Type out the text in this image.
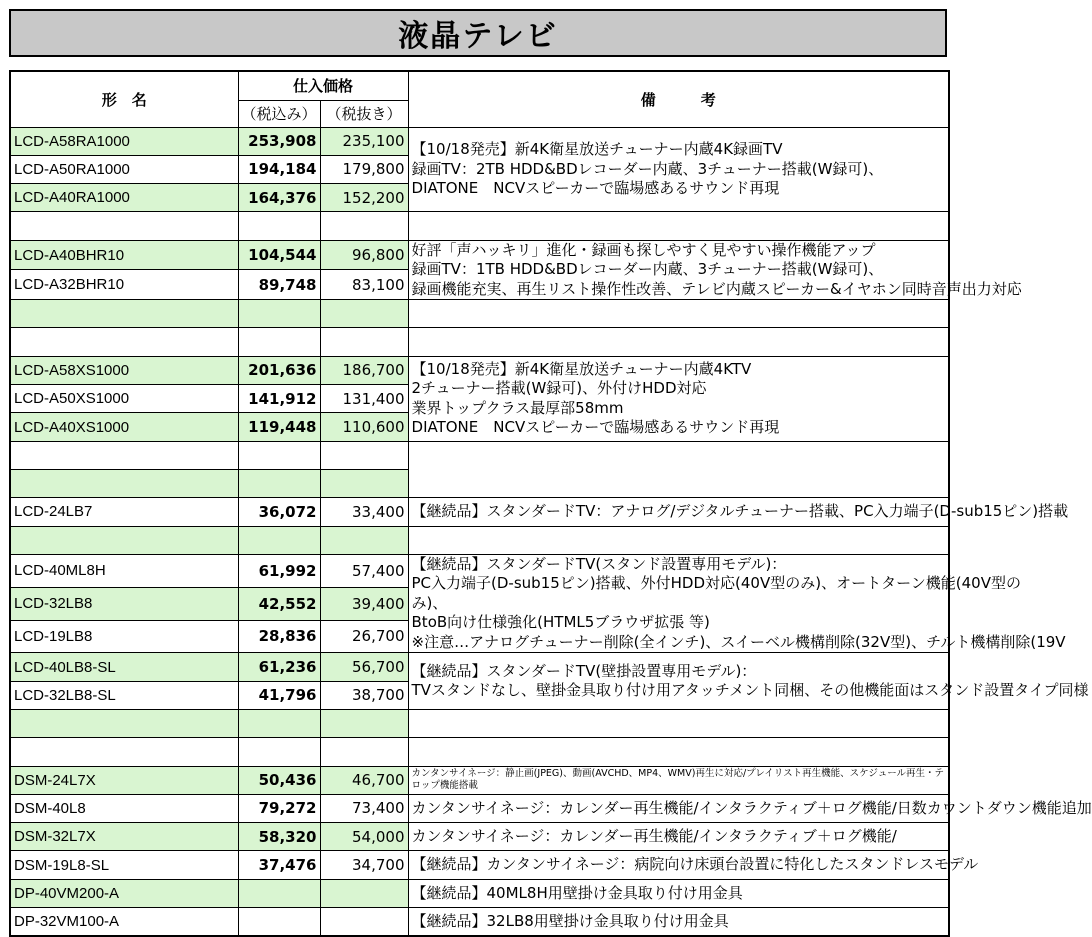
液晶テレビ
形　名	仕入価格		備　　　考
	（税込み）	（税抜き）	
LCD-A58RA1000	253,908	235,100	【10/18発売】新4K衛星放送チューナー内蔵4K録画TV
録画TV：2TB HDD&BDレコーダー内蔵、3チューナー搭載(W録可)、
DIATONE　NCVスピーカーで臨場感あるサウンド再現

LCD-A50RA1000	194,184	179,800	
LCD-A40RA1000	164,376	152,200	

LCD-A40BHR10	104,544	96,800	好評「声ハッキリ」進化・録画も探しやすく見やすい操作機能アップ
録画TV：1TB HDD&BDレコーダー内蔵、3チューナー搭載(W録可)、
録画機能充実、再生リスト操作性改善、テレビ内蔵スピーカー&イヤホン同時音声出力対応

LCD-A32BHR10	89,748	83,100	

LCD-A58XS1000	201,636	186,700	【10/18発売】新4K衛星放送チューナー内蔵4KTV
2チューナー搭載(W録可)、外付けHDD対応
業界トップクラス最厚部58mm
DIATONE　NCVスピーカーで臨場感あるサウンド再現

LCD-A50XS1000	141,912	131,400	
LCD-A40XS1000	119,448	110,600	

LCD-24LB7	36,072	33,400	【継続品】スタンダードTV：アナログ/デジタルチューナー搭載、PC入力端子(D-sub15ピン)搭載

LCD-40ML8H	61,992	57,400	【継続品】スタンダードTV(スタンド設置専用モデル)：
PC入力端子(D-sub15ピン)搭載、外付HDD対応(40V型のみ)、オートターン機能(40V型の
み)、
BtoB向け仕様強化(HTML5ブラウザ拡張 等)
※注意…アナログチューナー削除(全インチ)、スイーベル機構削除(32V型)、チルト機構削除(19V

LCD-32LB8	42,552	39,400	
LCD-19LB8	28,836	26,700	
LCD-40LB8-SL	61,236	56,700	【継続品】スタンダードTV(壁掛設置専用モデル)：
TVスタンドなし、壁掛金具取り付け用アタッチメント同梱、その他機能面はスタンド設置タイプ同様

LCD-32LB8-SL	41,796	38,700	

DSM-24L7X	50,436	46,700	カンタンサイネージ：静止画(JPEG)、動画(AVCHD、MP4、WMV)再生に対応/プレイリスト再生機能、スケジュール再生・テロップ機能搭載

DSM-40L8	79,272	73,400	カンタンサイネージ：カレンダー再生機能/インタラクティブ＋ログ機能/日数カウントダウン機能追加

DSM-32L7X	58,320	54,000	カンタンサイネージ：カレンダー再生機能/インタラクティブ＋ログ機能/

DSM-19L8-SL	37,476	34,700	【継続品】カンタンサイネージ：病院向け床頭台設置に特化したスタンドレスモデル

DP-40VM200-A			【継続品】40ML8H用壁掛け金具取り付け用金具

DP-32VM100-A			【継続品】32LB8用壁掛け金具取り付け用金具
